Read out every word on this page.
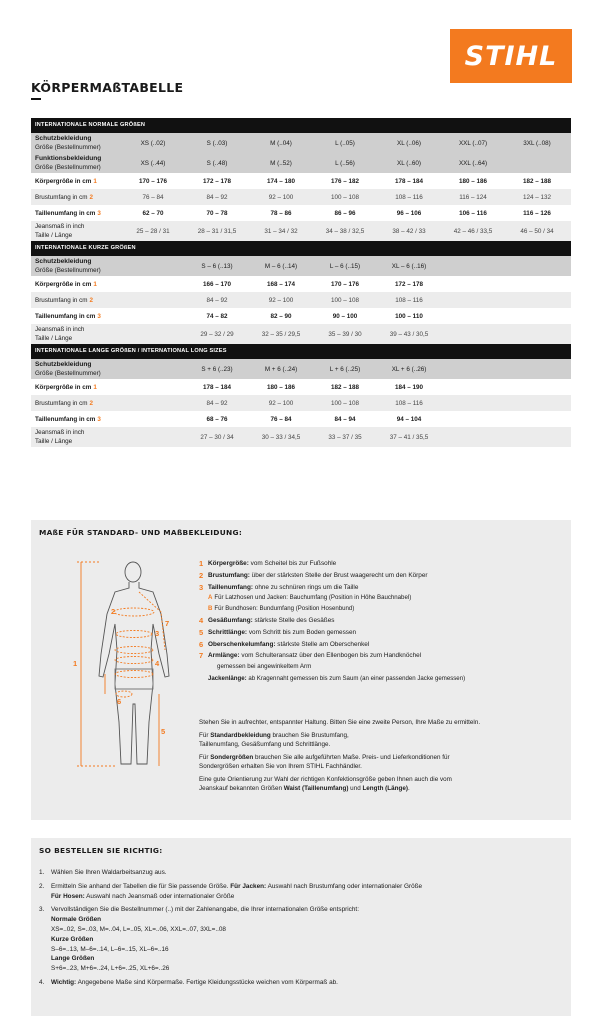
STIHL
KÖRPERMAßTABELLE
INTERNATIONALE NORMALE GRÖßEN
Schutzbekleidung
Größe (Bestellnummer)
XS (..02)	S (..03)	M (..04)	L (..05)	XL (..06)	XXL (..07)	3XL (..08)
Funktionsbekleidung
Größe (Bestellnummer)
XS (..44)	S (..48)	M (..52)	L (..56)	XL (..60)	XXL (..64)
Körpergröße in cm 1	170 – 176	172 – 178	174 – 180	176 – 182	178 – 184	180 – 186	182 – 188
Brustumfang in cm 2	76 – 84	84 – 92	92 – 100	100 – 108	108 – 116	116 – 124	124 – 132
Taillenumfang in cm 3	62 – 70	70 – 78	78 – 86	86 – 96	96 – 106	106 – 116	116 – 126
Jeansmaß in inch
Taille / Länge
25 – 28 / 31	28 – 31 / 31,5	31 – 34 / 32	34 – 38 / 32,5	38 – 42 / 33	42 – 46 / 33,5	46 – 50 / 34
INTERNATIONALE KURZE GRÖßEN
Schutzbekleidung
Größe (Bestellnummer)
S – 6 (..13)	M – 6 (..14)	L – 6 (..15)	XL – 6 (..16)
Körpergröße in cm 1	166 – 170	168 – 174	170 – 176	172 – 178
Brustumfang in cm 2	84 – 92	92 – 100	100 – 108	108 – 116
Taillenumfang in cm 3	74 – 82	82 – 90	90 – 100	100 – 110
Jeansmaß in inch
Taille / Länge
29 – 32 / 29	32 – 35 / 29,5	35 – 39 / 30	39 – 43 / 30,5
INTERNATIONALE LANGE GRÖßEN / INTERNATIONAL LONG SIZES
Schutzbekleidung
Größe (Bestellnummer)
S + 6 (..23)	M + 6 (..24)	L + 6 (..25)	XL + 6 (..26)
Körpergröße in cm 1	178 – 184	180 – 186	182 – 188	184 – 190
Brustumfang in cm 2	84 – 92	92 – 100	100 – 108	108 – 116
Taillenumfang in cm 3	68 – 76	76 – 84	84 – 94	94 – 104
Jeansmaß in inch
Taille / Länge
27 – 30 / 34	30 – 33 / 34,5	33 – 37 / 35	37 – 41 / 35,5
MAßE FÜR STANDARD- UND MAßBEKLEIDUNG:
1
2
3
4
5
6
7
1 Körpergröße: vom Scheitel bis zur Fußsohle
2 Brustumfang: über der stärksten Stelle der Brust waagerecht um den Körper
3 Taillenumfang: ohne zu schnüren rings um die Taille
A Für Latzhosen und Jacken: Bauchumfang (Position in Höhe Bauchnabel)
B Für Bundhosen: Bundumfang (Position Hosenbund)
4 Gesäßumfang: stärkste Stelle des Gesäßes
5 Schrittlänge: vom Schritt bis zum Boden gemessen
6 Oberschenkelumfang: stärkste Stelle am Oberschenkel
7 Armlänge: vom Schulteransatz über den Ellenbogen bis zum Handknöchel
gemessen bei angewinkeltem Arm
Jackenlänge: ab Kragennaht gemessen bis zum Saum (an einer passenden Jacke gemessen)
Stehen Sie in aufrechter, entspannter Haltung. Bitten Sie eine zweite Person, Ihre Maße zu ermitteln.
Für Standardbekleidung brauchen Sie Brustumfang,
Taillenumfang, Gesäßumfang und Schrittlänge.
Für Sondergrößen brauchen Sie alle aufgeführten Maße. Preis- und Lieferkonditionen für
Sondergrößen erhalten Sie von Ihrem STIHL Fachhändler.
Eine gute Orientierung zur Wahl der richtigen Konfektionsgröße geben Ihnen auch die vom
Jeanskauf bekannten Größen Waist (Taillenumfang) und Length (Länge).
SO BESTELLEN SIE RICHTIG:
1.	Wählen Sie Ihren Waldarbeitsanzug aus.
2.	Ermitteln Sie anhand der Tabellen die für Sie passende Größe. Für Jacken: Auswahl nach Brustumfang oder internationaler Größe
Für Hosen: Auswahl nach Jeansmaß oder internationaler Größe
3.	Vervollständigen Sie die Bestellnummer (..) mit der Zahlenangabe, die Ihrer internationalen Größe entspricht:
Normale Größen
XS=..02, S=..03, M=..04, L=..05, XL=..06, XXL=..07, 3XL=..08
Kurze Größen
S–6=..13, M–6=..14, L–6=..15, XL–6=..16
Lange Größen
S+6=..23, M+6=..24, L+6=..25, XL+6=..26
4.	Wichtig: Angegebene Maße sind Körpermaße. Fertige Kleidungsstücke weichen vom Körpermaß ab.
